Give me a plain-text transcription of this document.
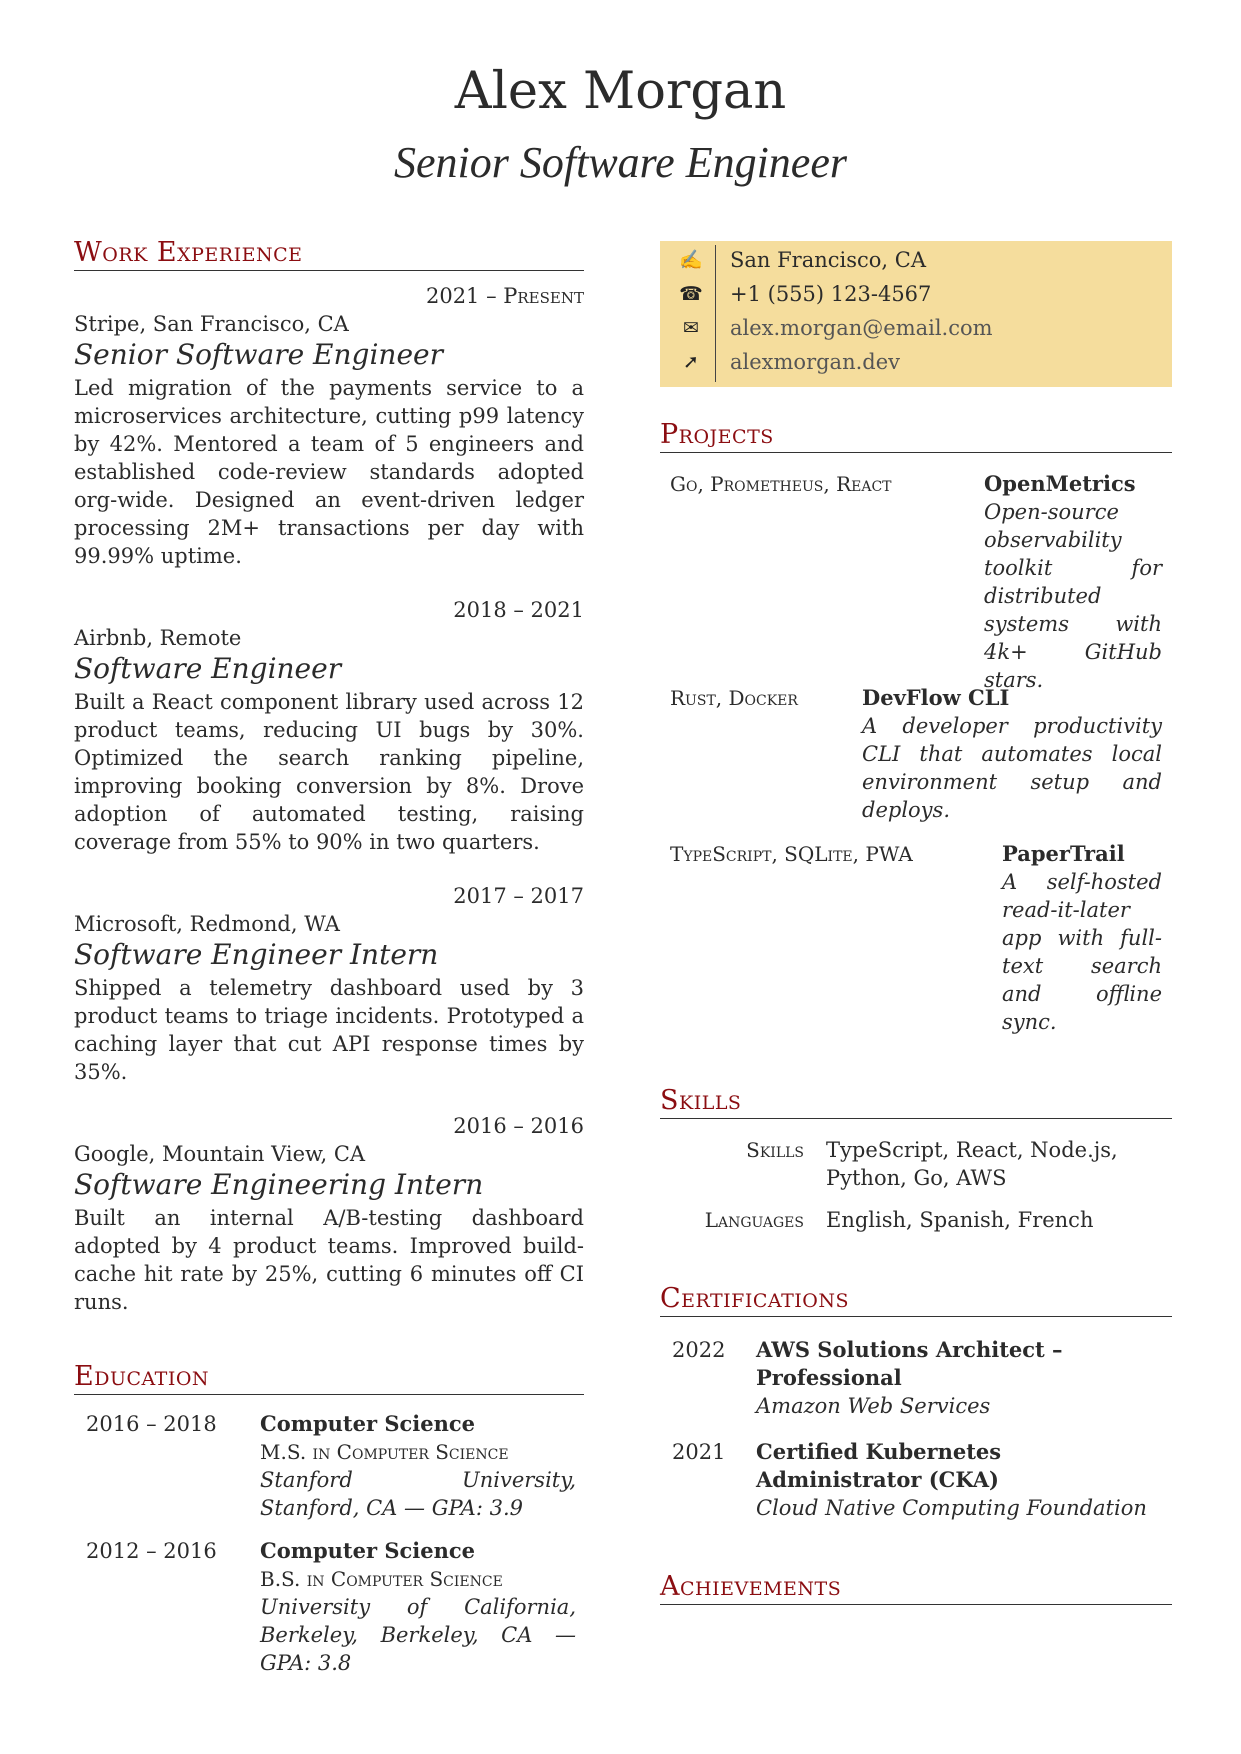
Alex Morgan
Senior Software Engineer
Work Experience
2021 – Present
Stripe, San Francisco, CA
Senior Software Engineer
Led migration of the payments service to a microservices architecture, cutting p99 latency by 42%. Mentored a team of 5 engineers and established code-review standards adopted org-wide. Designed an event-driven ledger processing 2M+ transactions per day with 99.99% uptime.
2018 – 2021
Airbnb, Remote
Software Engineer
Built a React component library used across 12 product teams, reducing UI bugs by 30%. Optimized the search ranking pipeline, improving booking conversion by 8%. Drove adoption of automated testing, raising coverage from 55% to 90% in two quarters.
2017 – 2017
Microsoft, Redmond, WA
Software Engineer Intern
Shipped a telemetry dashboard used by 3 product teams to triage incidents. Prototyped a caching layer that cut API response times by 35%.
2016 – 2016
Google, Mountain View, CA
Software Engineering Intern
Built an internal A/B-testing dashboard adopted by 4 product teams. Improved build-cache hit rate by 25%, cutting 6 minutes off CI runs.
Education
2016 – 2018 Computer Science
M.S. in Computer Science
Stanford University, Stanford, CA — GPA: 3.9
2012 – 2016 Computer Science
B.S. in Computer Science
University of California, Berkeley, Berkeley, CA — GPA: 3.8
✍ San Francisco, CA
☎ +1 (555) 123-4567
✉	alex.morgan@email.com
➚	alexmorgan.dev
Projects
Go, Prometheus, React	OpenMetrics
Open-source observability toolkit for distributed systems with 4k+ GitHub stars.
Rust, Docker	DevFlow CLI
A developer productivity CLI that automates local environment setup and deploys.
TypeScript, SQLite, PWA	PaperTrail
A self-hosted read-it-later app with full-text search and offline sync.
Skills
Skills TypeScript, React, Node.js, Python, Go, AWS
Languages English, Spanish, French
Certifications
2022 AWS Solutions Architect – Professional
Amazon Web Services
2021 Certified Kubernetes Administrator (CKA)
Cloud Native Computing Foundation
Achievements
